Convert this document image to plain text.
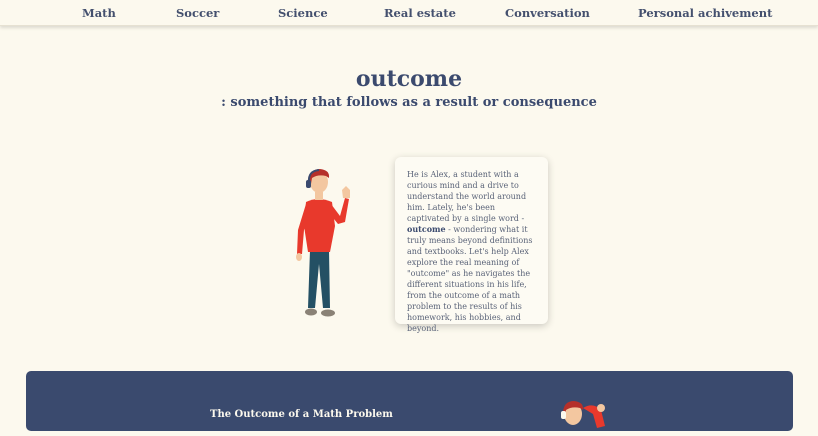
Math	Soccer	Science	Real estate	Conversation	Personal achivement
outcome
: something that follows as a result or consequence
He is Alex, a student with a curious mind and a drive to understand the world around him. Lately, he's been captivated by a single word - outcome - wondering what it truly means beyond definitions and textbooks. Let's help Alex explore the real meaning of "outcome" as he navigates the different situations in his life, from the outcome of a math problem to the results of his homework, his hobbies, and beyond.
The Outcome of a Math Problem
